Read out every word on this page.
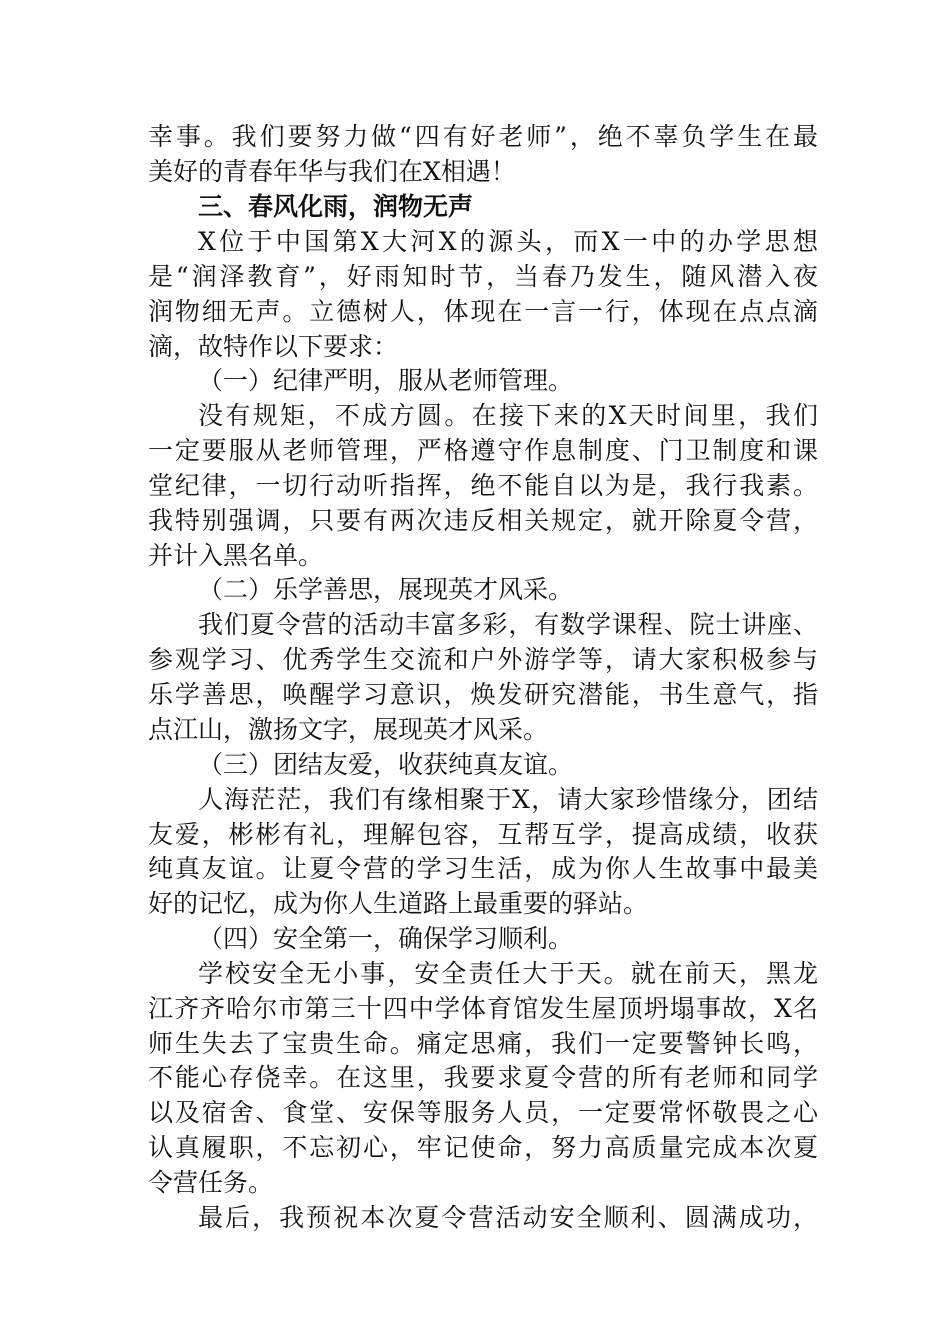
幸事。我们要努力做“四有好老师”，绝不辜负学生在最
美好的青春年华与我们在X相遇！
三、春风化雨，润物无声
X位于中国第X大河X的源头，而X一中的办学思想
是“润泽教育”，好雨知时节，当春乃发生，随风潜入夜
润物细无声。立德树人，体现在一言一行，体现在点点滴
滴，故特作以下要求：
（一）纪律严明，服从老师管理。
没有规矩，不成方圆。在接下来的X天时间里，我们
一定要服从老师管理，严格遵守作息制度、门卫制度和课
堂纪律，一切行动听指挥，绝不能自以为是，我行我素。
我特别强调，只要有两次违反相关规定，就开除夏令营，
并计入黑名单。
（二）乐学善思，展现英才风采。
我们夏令营的活动丰富多彩，有数学课程、院士讲座、
参观学习、优秀学生交流和户外游学等，请大家积极参与
乐学善思，唤醒学习意识，焕发研究潜能，书生意气，指
点江山，激扬文字，展现英才风采。
（三）团结友爱，收获纯真友谊。
人海茫茫，我们有缘相聚于X，请大家珍惜缘分，团结
友爱，彬彬有礼，理解包容，互帮互学，提高成绩，收获
纯真友谊。让夏令营的学习生活，成为你人生故事中最美
好的记忆，成为你人生道路上最重要的驿站。
（四）安全第一，确保学习顺利。
学校安全无小事，安全责任大于天。就在前天，黑龙
江齐齐哈尔市第三十四中学体育馆发生屋顶坍塌事故，X名
师生失去了宝贵生命。痛定思痛，我们一定要警钟长鸣，
不能心存侥幸。在这里，我要求夏令营的所有老师和同学
以及宿舍、食堂、安保等服务人员，一定要常怀敬畏之心
认真履职，不忘初心，牢记使命，努力高质量完成本次夏
令营任务。
最后，我预祝本次夏令营活动安全顺利、圆满成功，
